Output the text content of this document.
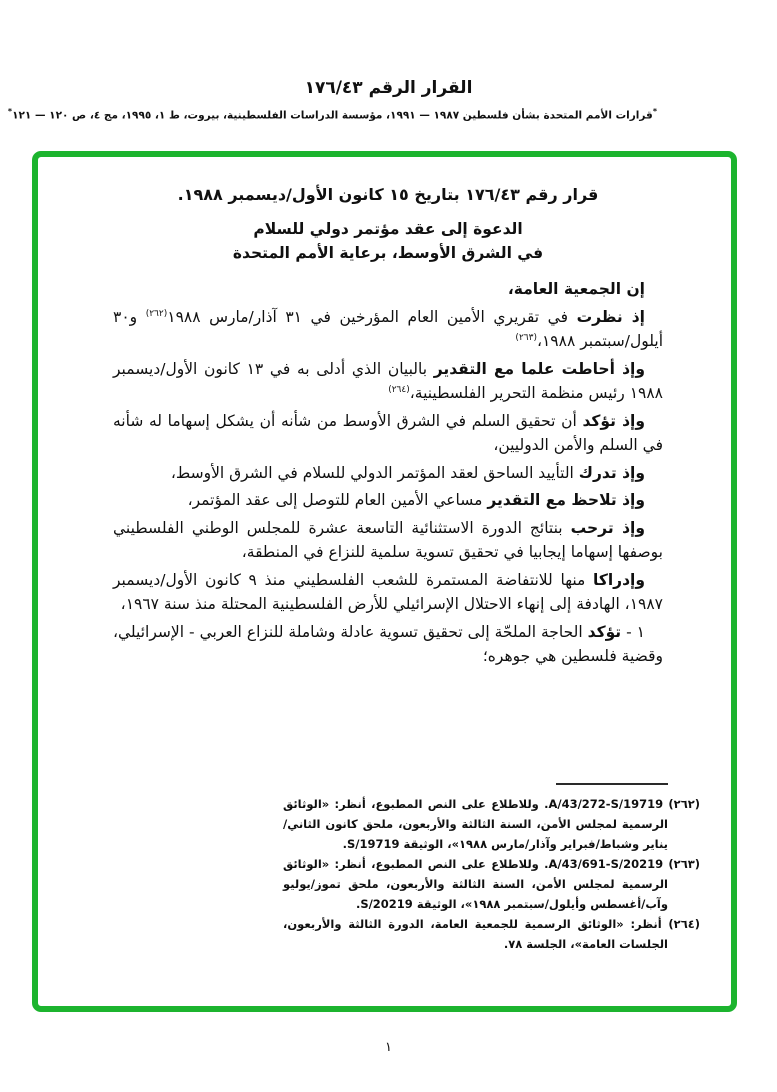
القرار الرقم ١٧٦/٤٣
*قرارات الأمم المتحدة بشأن فلسطين ١٩٨٧ — ١٩٩١، مؤسسة الدراسات الفلسطينية، بيروت، ط ١، ١٩٩٥، مج ٤، ص ١٢٠ — ١٢١*
قرار رقم ١٧٦/٤٣ بتاريخ ١٥ كانون الأول/ديسمبر ١٩٨٨.
الدعوة إلى عقد مؤتمر دولي للسلام
في الشرق الأوسط، برعاية الأمم المتحدة

إن الجمعية العامة،

إذ نظرت في تقريري الأمين العام المؤرخين في ٣١ آذار/مارس ١٩٨٨$^{(٢٦٢)}$ و٣٠ أيلول/سبتمبر ١٩٨٨،$^{(٢٦٣)}$

وإذ أحاطت علما مع التقدير بالبيان الذي أدلى به في ١٣ كانون الأول/ديسمبر ١٩٨٨ رئيس منظمة التحرير الفلسطينية،$^{(٢٦٤)}$

وإذ تؤكد أن تحقيق السلم في الشرق الأوسط من شأنه أن يشكل إسهاما له شأنه في السلم والأمن الدوليين،

وإذ تدرك التأييد الساحق لعقد المؤتمر الدولي للسلام في الشرق الأوسط،

وإذ تلاحظ مع التقدير مساعي الأمين العام للتوصل إلى عقد المؤتمر،

وإذ ترحب بنتائج الدورة الاستثنائية التاسعة عشرة للمجلس الوطني الفلسطيني بوصفها إسهاما إيجابيا في تحقيق تسوية سلمية للنزاع في المنطقة،

وإدراكا منها للانتفاضة المستمرة للشعب الفلسطيني منذ ٩ كانون الأول/ديسمبر ١٩٨٧، الهادفة إلى إنهاء الاحتلال الإسرائيلي للأرض الفلسطينية المحتلة منذ سنة ١٩٦٧،

١ - تؤكد الحاجة الملحّة إلى تحقيق تسوية عادلة وشاملة للنزاع العربي - الإسرائيلي، وقضية فلسطين هي جوهره؛

(٢٦٢) A/43/272-S/19719. وللاطلاع على النص المطبوع، أنظر: «الوثائق الرسمية لمجلس الأمن، السنة الثالثة والأربعون، ملحق كانون الثاني/يناير وشباط/فبراير وآذار/مارس ١٩٨٨»، الوثيقة S/19719.

(٢٦٣) A/43/691-S/20219. وللاطلاع على النص المطبوع، أنظر: «الوثائق الرسمية لمجلس الأمن، السنة الثالثة والأربعون، ملحق تموز/يوليو وآب/أغسطس وأيلول/سبتمبر ١٩٨٨»، الوثيقة S/20219.

(٢٦٤) أنظر: «الوثائق الرسمية للجمعية العامة، الدورة الثالثة والأربعون، الجلسات العامة»، الجلسة ٧٨.

١
